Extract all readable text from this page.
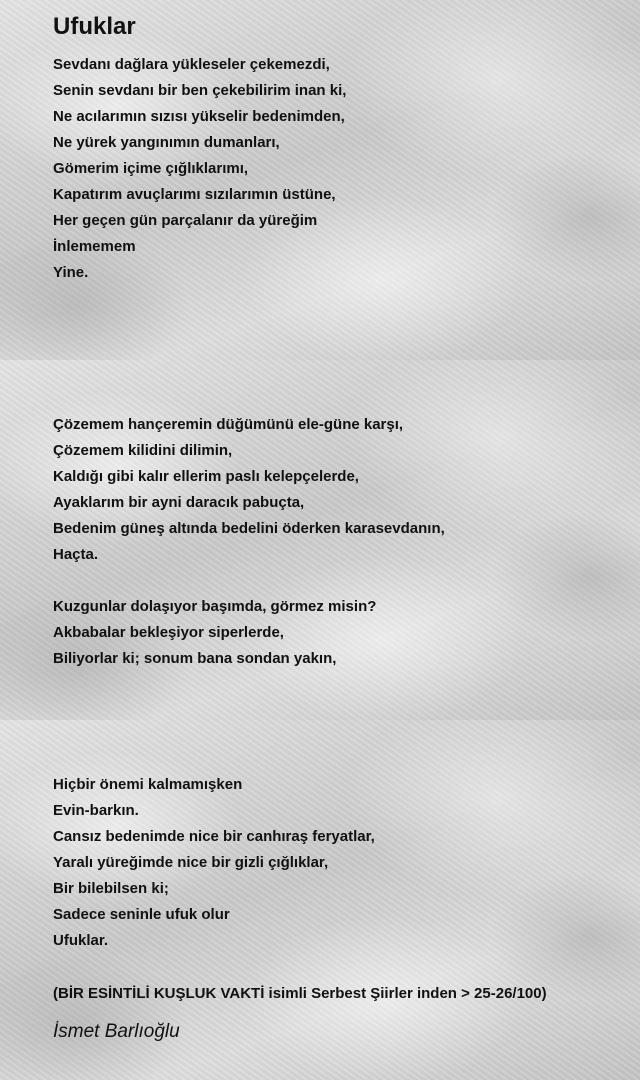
Ufuklar

Sevdanı dağlara yükleseler çekemezdi,

Senin sevdanı bir ben çekebilirim inan ki,

Ne acılarımın sızısı yükselir bedenimden,

Ne yürek yangınımın dumanları,

Gömerim içime çığlıklarımı,

Kapatırım avuçlarımı sızılarımın üstüne,

Her geçen gün parçalanır da yüreğim

İnlememem

Yine.

Çözemem hançeremin düğümünü ele-güne karşı,

Çözemem kilidini dilimin,

Kaldığı gibi kalır ellerim paslı kelepçelerde,

Ayaklarım bir ayni daracık pabuçta,

Bedenim güneş altında bedelini öderken karasevdanın,

Haçta.

Kuzgunlar dolaşıyor başımda, görmez misin?

Akbabalar bekleşiyor siperlerde,

Biliyorlar ki; sonum bana sondan yakın,

Hiçbir önemi kalmamışken

Evin-barkın.

Cansız bedenimde nice bir canhıraş feryatlar,

Yaralı yüreğimde nice bir gizli çığlıklar,

Bir bilebilsen ki;

Sadece seninle ufuk olur

Ufuklar.

(BİR ESİNTİLİ KUŞLUK VAKTİ isimli Serbest Şiirler inden > 25-26/100)

İsmet Barlıoğlu
